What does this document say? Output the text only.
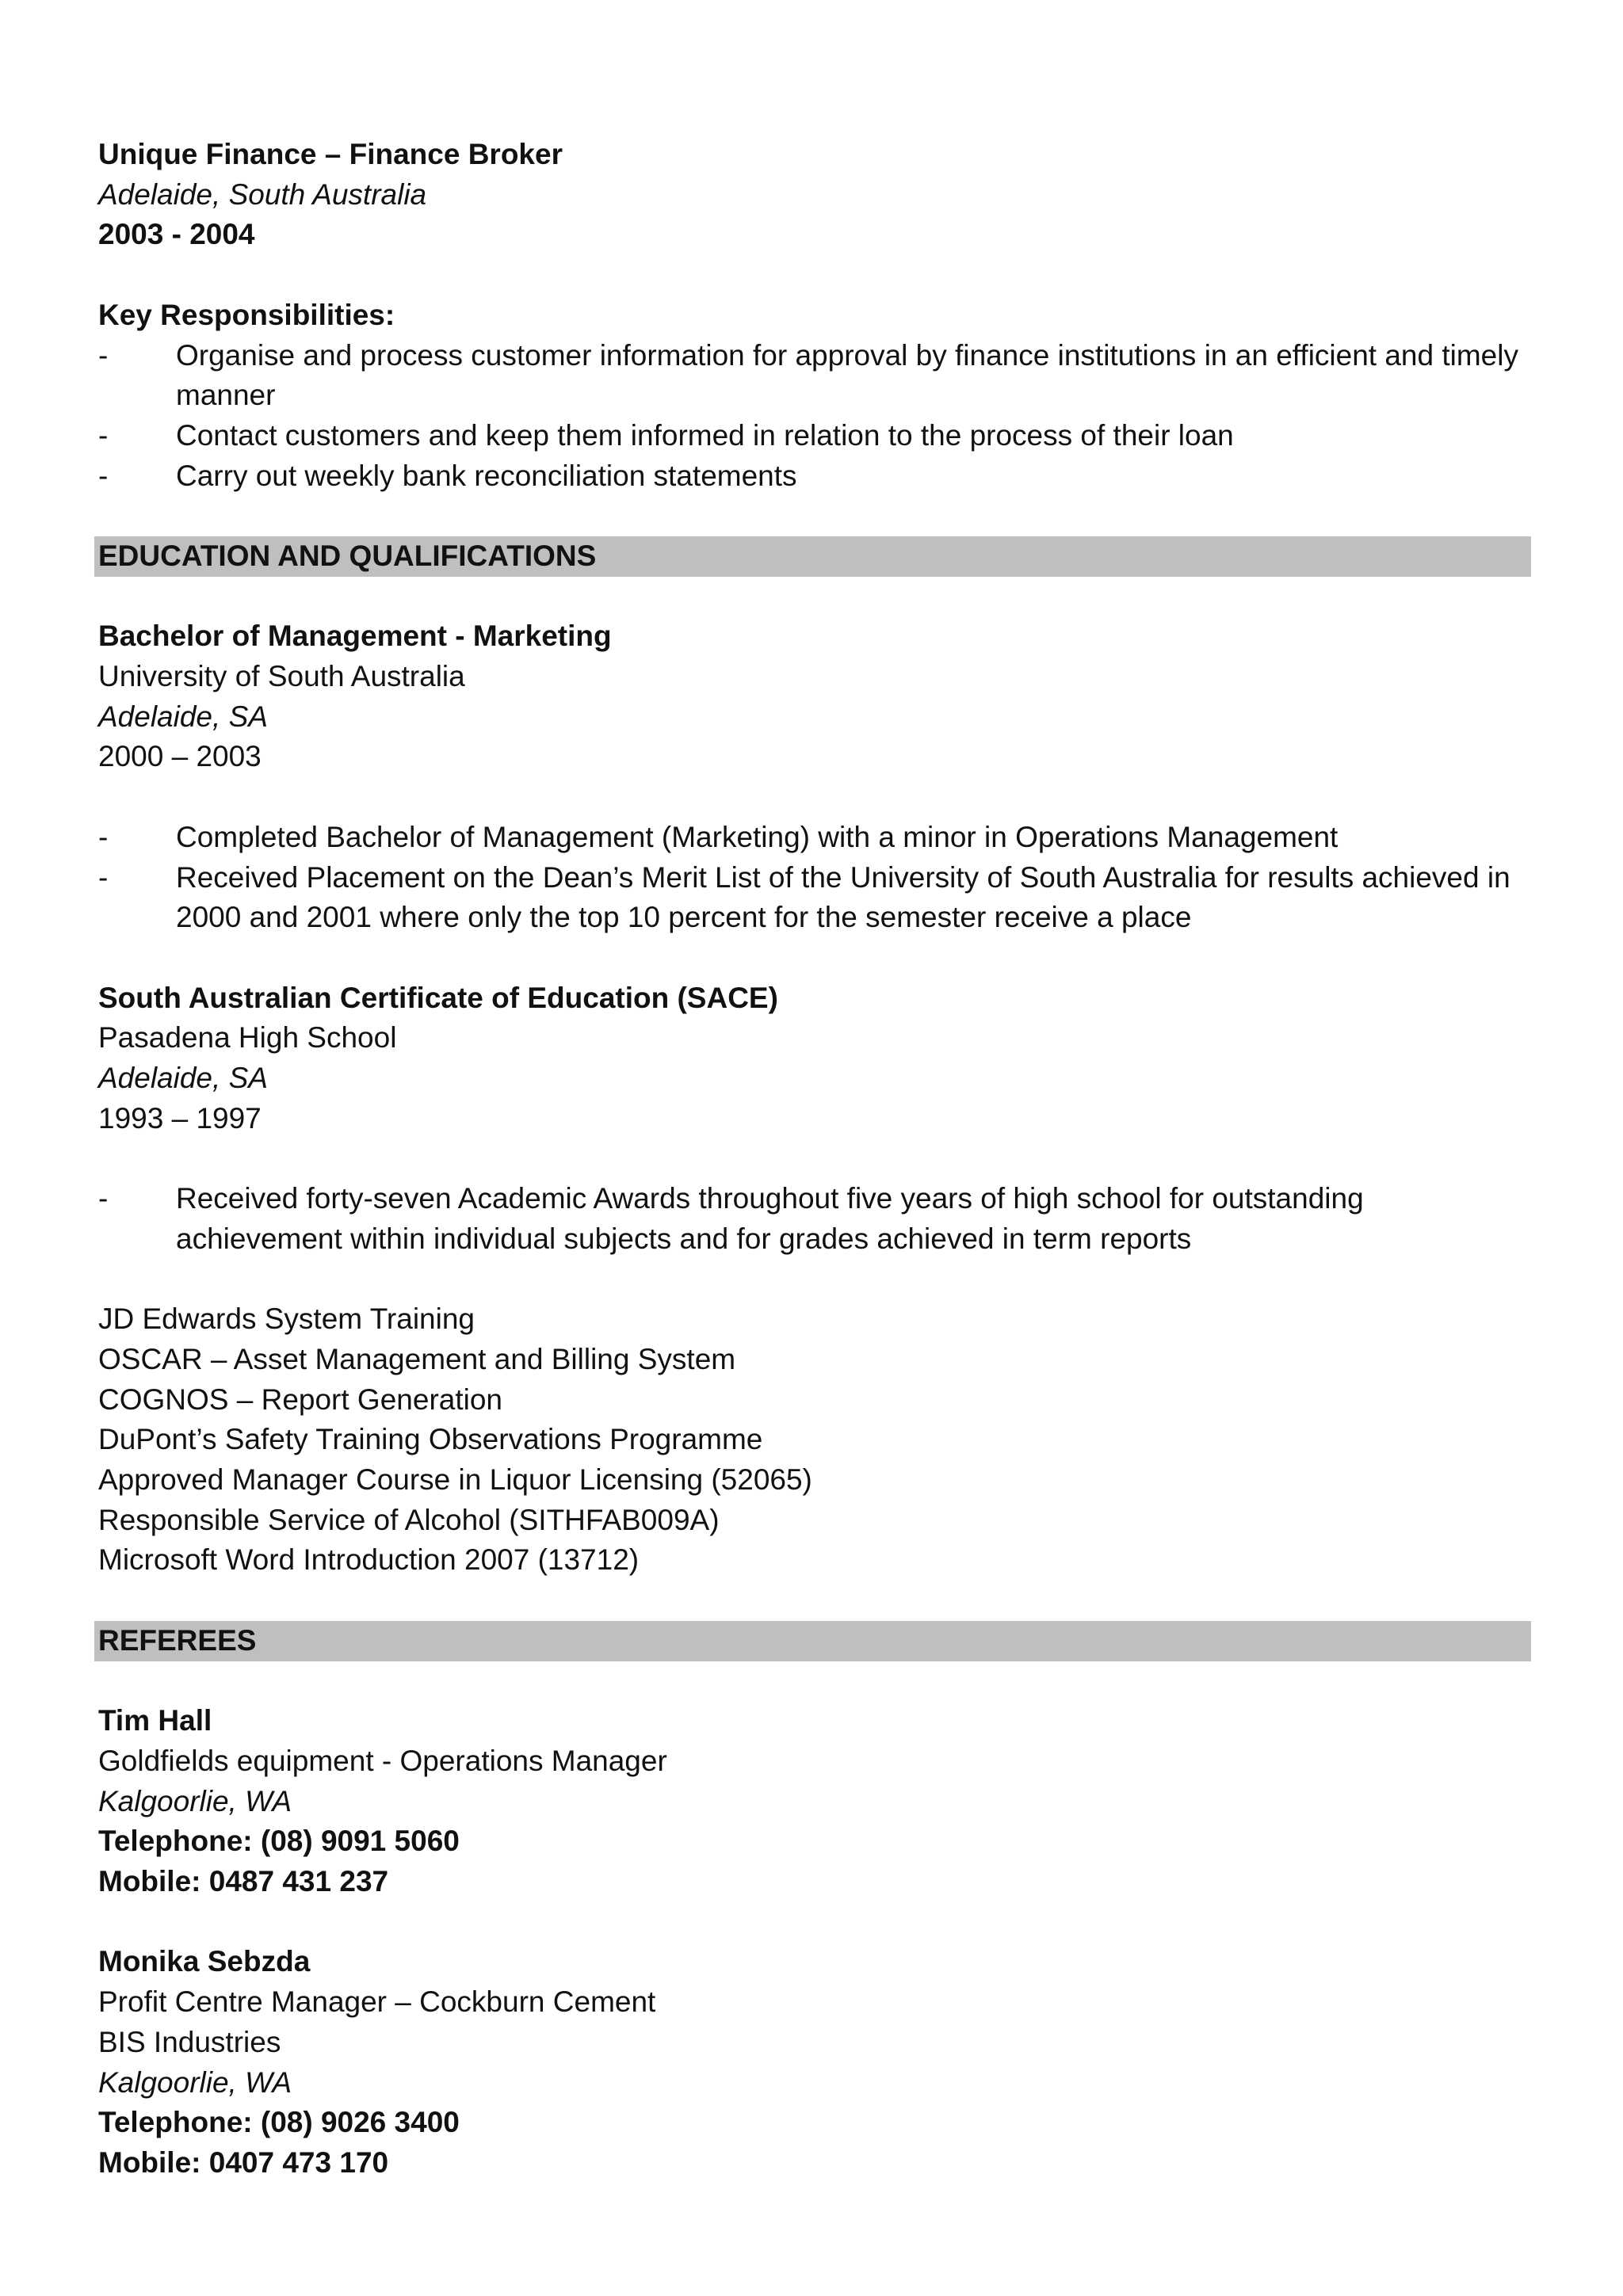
Unique Finance – Finance Broker
Adelaide, South Australia
2003 - 2004
Key Responsibilities:
- Organise and process customer information for approval by finance institutions in an efficient and timely manner
- Contact customers and keep them informed in relation to the process of their loan
- Carry out weekly bank reconciliation statements
EDUCATION AND QUALIFICATIONS
Bachelor of Management - Marketing
University of South Australia
Adelaide, SA
2000 – 2003
- Completed Bachelor of Management (Marketing) with a minor in Operations Management
- Received Placement on the Dean’s Merit List of the University of South Australia for results achieved in 2000 and 2001 where only the top 10 percent for the semester receive a place
South Australian Certificate of Education (SACE)
Pasadena High School
Adelaide, SA
1993 – 1997
- Received forty-seven Academic Awards throughout five years of high school for outstanding achievement within individual subjects and for grades achieved in term reports
JD Edwards System Training
OSCAR – Asset Management and Billing System
COGNOS – Report Generation
DuPont’s Safety Training Observations Programme
Approved Manager Course in Liquor Licensing (52065)
Responsible Service of Alcohol (SITHFAB009A)
Microsoft Word Introduction 2007 (13712)
REFEREES
Tim Hall
Goldfields equipment - Operations Manager
Kalgoorlie, WA
Telephone: (08) 9091 5060
Mobile: 0487 431 237
Monika Sebzda
Profit Centre Manager – Cockburn Cement
BIS Industries
Kalgoorlie, WA
Telephone: (08) 9026 3400
Mobile: 0407 473 170
